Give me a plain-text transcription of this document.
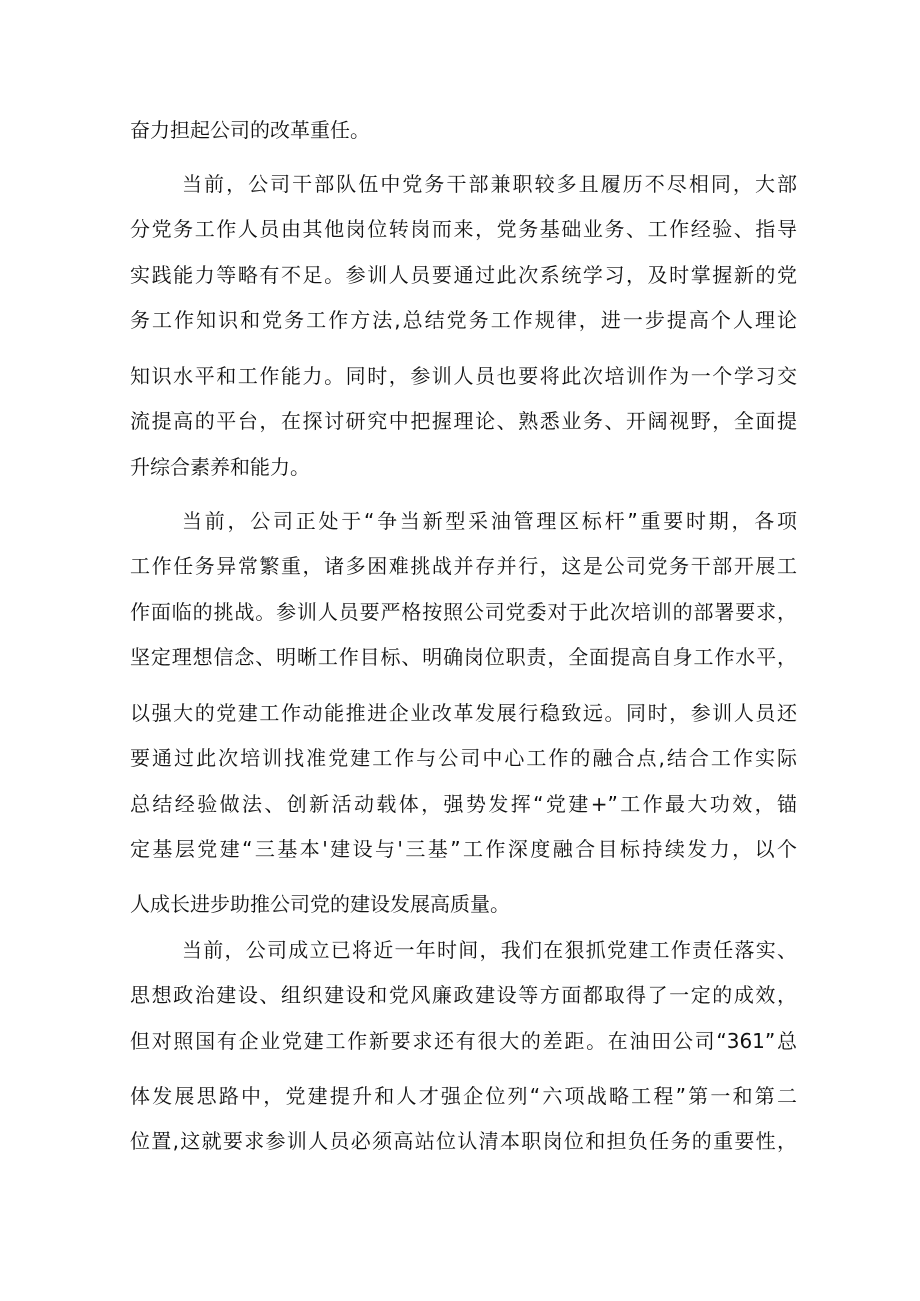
奋力担起公司的改革重任。
当前，公司干部队伍中党务干部兼职较多且履历不尽相同，大部
分党务工作人员由其他岗位转岗而来，党务基础业务、工作经验、指导
实践能力等略有不足。参训人员要通过此次系统学习，及时掌握新的党
务工作知识和党务工作方法,总结党务工作规律，进一步提高个人理论
知识水平和工作能力。同时，参训人员也要将此次培训作为一个学习交
流提高的平台，在探讨研究中把握理论、熟悉业务、开阔视野，全面提
升综合素养和能力。
当前，公司正处于“争当新型采油管理区标杆”重要时期，各项
工作任务异常繁重，诸多困难挑战并存并行，这是公司党务干部开展工
作面临的挑战。参训人员要严格按照公司党委对于此次培训的部署要求，
坚定理想信念、明晰工作目标、明确岗位职责，全面提高自身工作水平，
以强大的党建工作动能推进企业改革发展行稳致远。同时，参训人员还
要通过此次培训找准党建工作与公司中心工作的融合点,结合工作实际
总结经验做法、创新活动载体，强势发挥“党建+”工作最大功效，锚
定基层党建“三基本'建设与'三基”工作深度融合目标持续发力，以个
人成长进步助推公司党的建设发展高质量。
当前，公司成立已将近一年时间，我们在狠抓党建工作责任落实、
思想政治建设、组织建设和党风廉政建设等方面都取得了一定的成效，
但对照国有企业党建工作新要求还有很大的差距。在油田公司“361”总
体发展思路中，党建提升和人才强企位列“六项战略工程”第一和第二
位置,这就要求参训人员必须高站位认清本职岗位和担负任务的重要性，
